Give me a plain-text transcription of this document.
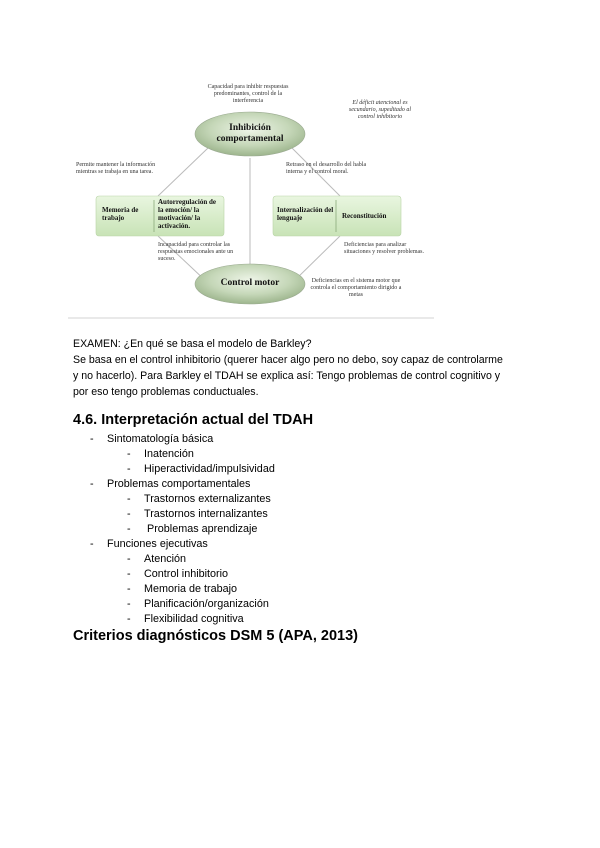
Capacidad para inhibir respuestas predominantes, control de la interferencia	El déficit atencional es secundario, supeditado al control inhibitorio
Inhibición comportamental
Permite mantener la información mientras se trabaja en una tarea.
Retraso en el desarrollo del habla interna y el control moral.
Memoria de trabajo
Autorregulación de la emoción/ la motivación/ la activación.
Internalización del lenguaje	Reconstitución
Incapacidad para controlar las respuestas emocionales ante un suceso.
Deficiencias para analizar situaciones y resolver problemas.
Control motor	Deficiencias en el sistema motor que controla el comportamiento dirigido a metas

EXAMEN: ¿En qué se basa el modelo de Barkley?

Se basa en el control inhibitorio (querer hacer algo pero no debo, soy capaz de controlarme

y no hacerlo). Para Barkley el TDAH se explica así: Tengo problemas de control cognitivo y

por eso tengo problemas conductuales.

4.6. Interpretación actual del TDAH
- Sintomatología básica
- Inatención
- Hiperactividad/impulsividad
- Problemas comportamentales
- Trastornos externalizantes
- Trastornos internalizantes
- Problemas aprendizaje
- Funciones ejecutivas
- Atención
- Control inhibitorio
- Memoria de trabajo
- Planificación/organización
- Flexibilidad cognitiva
Criterios diagnósticos DSM 5 (APA, 2013)
